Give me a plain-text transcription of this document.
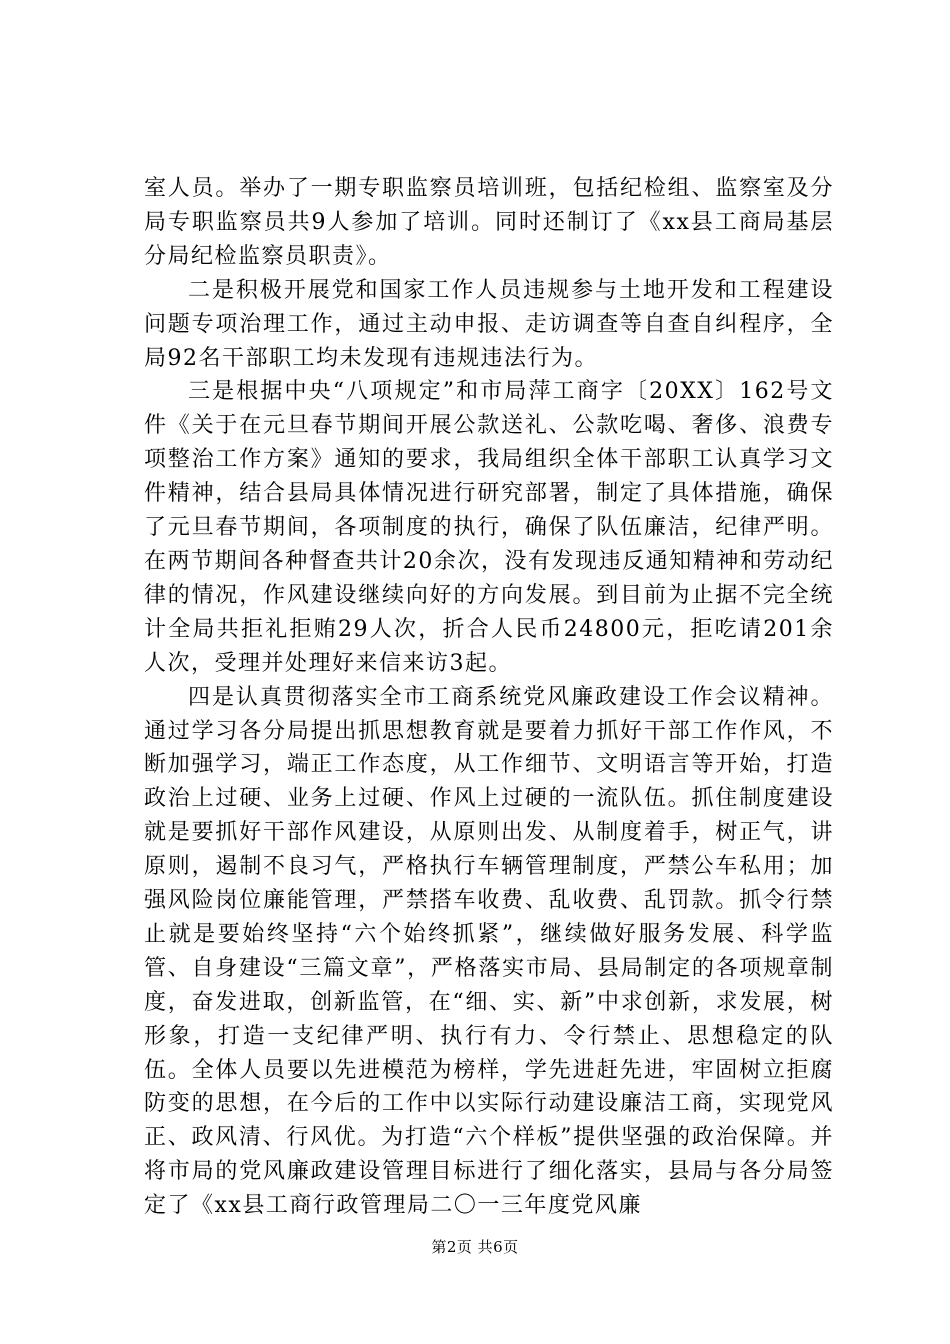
室人员。举办了一期专职监察员培训班，包括纪检组、监察室及分局专职监察员共9人参加了培训。同时还制订了《xx县工商局基层分局纪检监察员职责》。

二是积极开展党和国家工作人员违规参与土地开发和工程建设问题专项治理工作，通过主动申报、走访调查等自查自纠程序，全局92名干部职工均未发现有违规违法行为。

三是根据中央“八项规定”和市局萍工商字〔20XX〕162号文件《关于在元旦春节期间开展公款送礼、公款吃喝、奢侈、浪费专项整治工作方案》通知的要求，我局组织全体干部职工认真学习文件精神，结合县局具体情况进行研究部署，制定了具体措施，确保了元旦春节期间，各项制度的执行，确保了队伍廉洁，纪律严明。在两节期间各种督查共计20余次，没有发现违反通知精神和劳动纪律的情况，作风建设继续向好的方向发展。到目前为止据不完全统计全局共拒礼拒贿29人次，折合人民币24800元，拒吃请201余人次，受理并处理好来信来访3起。

四是认真贯彻落实全市工商系统党风廉政建设工作会议精神。通过学习各分局提出抓思想教育就是要着力抓好干部工作作风，不断加强学习，端正工作态度，从工作细节、文明语言等开始，打造政治上过硬、业务上过硬、作风上过硬的一流队伍。抓住制度建设就是要抓好干部作风建设，从原则出发、从制度着手，树正气，讲原则，遏制不良习气，严格执行车辆管理制度，严禁公车私用；加强风险岗位廉能管理，严禁搭车收费、乱收费、乱罚款。抓令行禁止就是要始终坚持“六个始终抓紧”，继续做好服务发展、科学监管、自身建设“三篇文章”，严格落实市局、县局制定的各项规章制度，奋发进取，创新监管，在“细、实、新”中求创新，求发展，树形象，打造一支纪律严明、执行有力、令行禁止、思想稳定的队伍。全体人员要以先进模范为榜样，学先进赶先进，牢固树立拒腐防变的思想，在今后的工作中以实际行动建设廉洁工商，实现党风正、政风清、行风优。为打造“六个样板”提供坚强的政治保障。并将市局的党风廉政建设管理目标进行了细化落实，县局与各分局签定了《xx县工商行政管理局二〇一三年度党风廉

第2页 共6页
